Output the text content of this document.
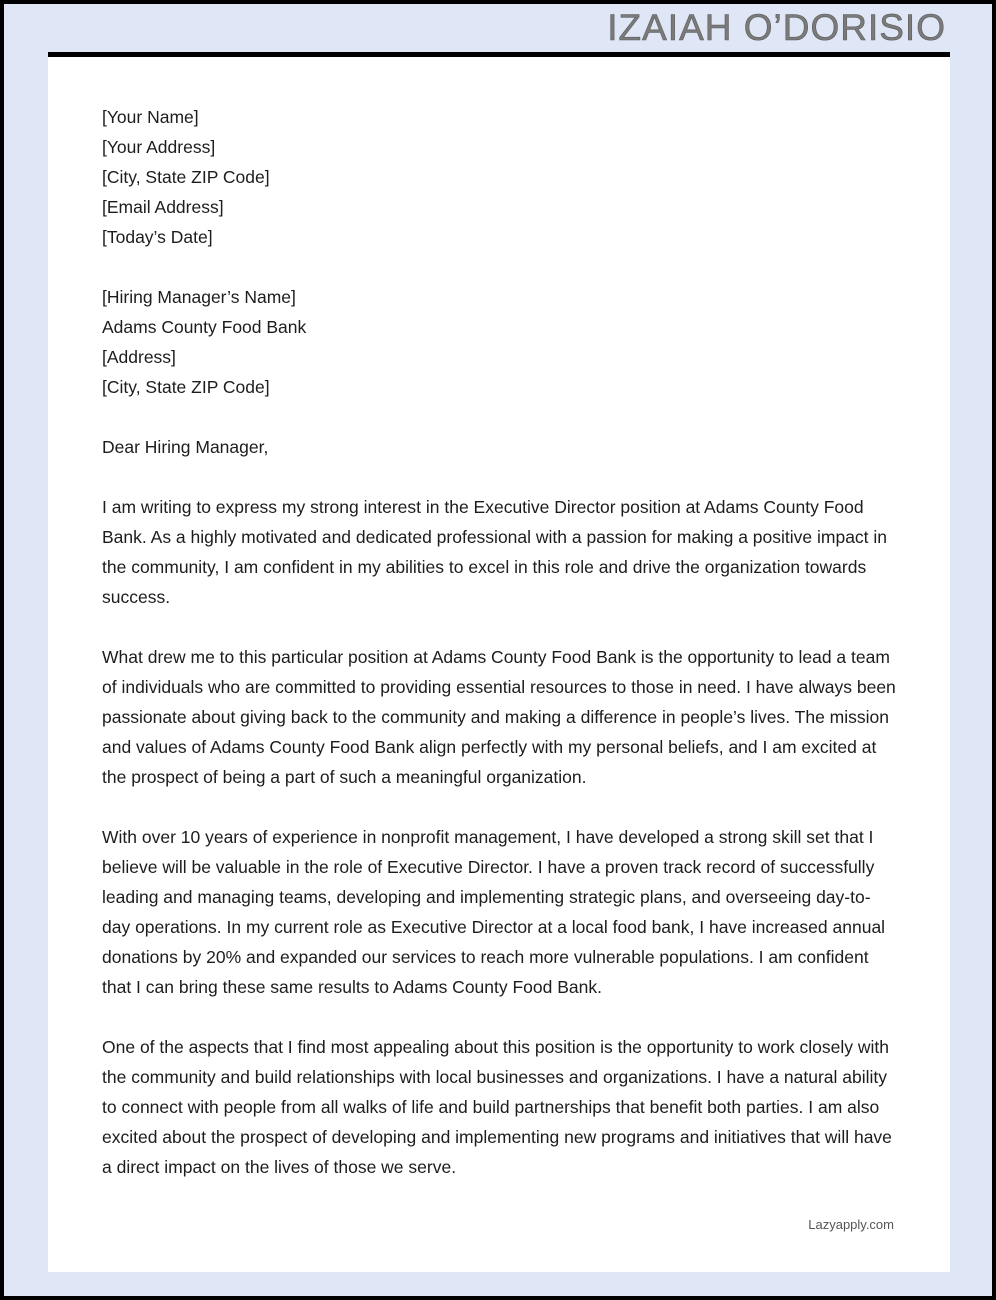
IZAIAH O’DORISIO
[Your Name]
[Your Address]
[City, State ZIP Code]
[Email Address]
[Today’s Date]
[Hiring Manager’s Name]
Adams County Food Bank
[Address]
[City, State ZIP Code]
Dear Hiring Manager,
I am writing to express my strong interest in the Executive Director position at Adams County Food Bank. As a highly motivated and dedicated professional with a passion for making a positive impact in the community, I am confident in my abilities to excel in this role and drive the organization towards success.
What drew me to this particular position at Adams County Food Bank is the opportunity to lead a team of individuals who are committed to providing essential resources to those in need. I have always been passionate about giving back to the community and making a difference in people’s lives. The mission and values of Adams County Food Bank align perfectly with my personal beliefs, and I am excited at the prospect of being a part of such a meaningful organization.
With over 10 years of experience in nonprofit management, I have developed a strong skill set that I believe will be valuable in the role of Executive Director. I have a proven track record of successfully leading and managing teams, developing and implementing strategic plans, and overseeing day-to-day operations. In my current role as Executive Director at a local food bank, I have increased annual donations by 20% and expanded our services to reach more vulnerable populations. I am confident that I can bring these same results to Adams County Food Bank.
One of the aspects that I find most appealing about this position is the opportunity to work closely with the community and build relationships with local businesses and organizations. I have a natural ability to connect with people from all walks of life and build partnerships that benefit both parties. I am also excited about the prospect of developing and implementing new programs and initiatives that will have a direct impact on the lives of those we serve.
Lazyapply.com
